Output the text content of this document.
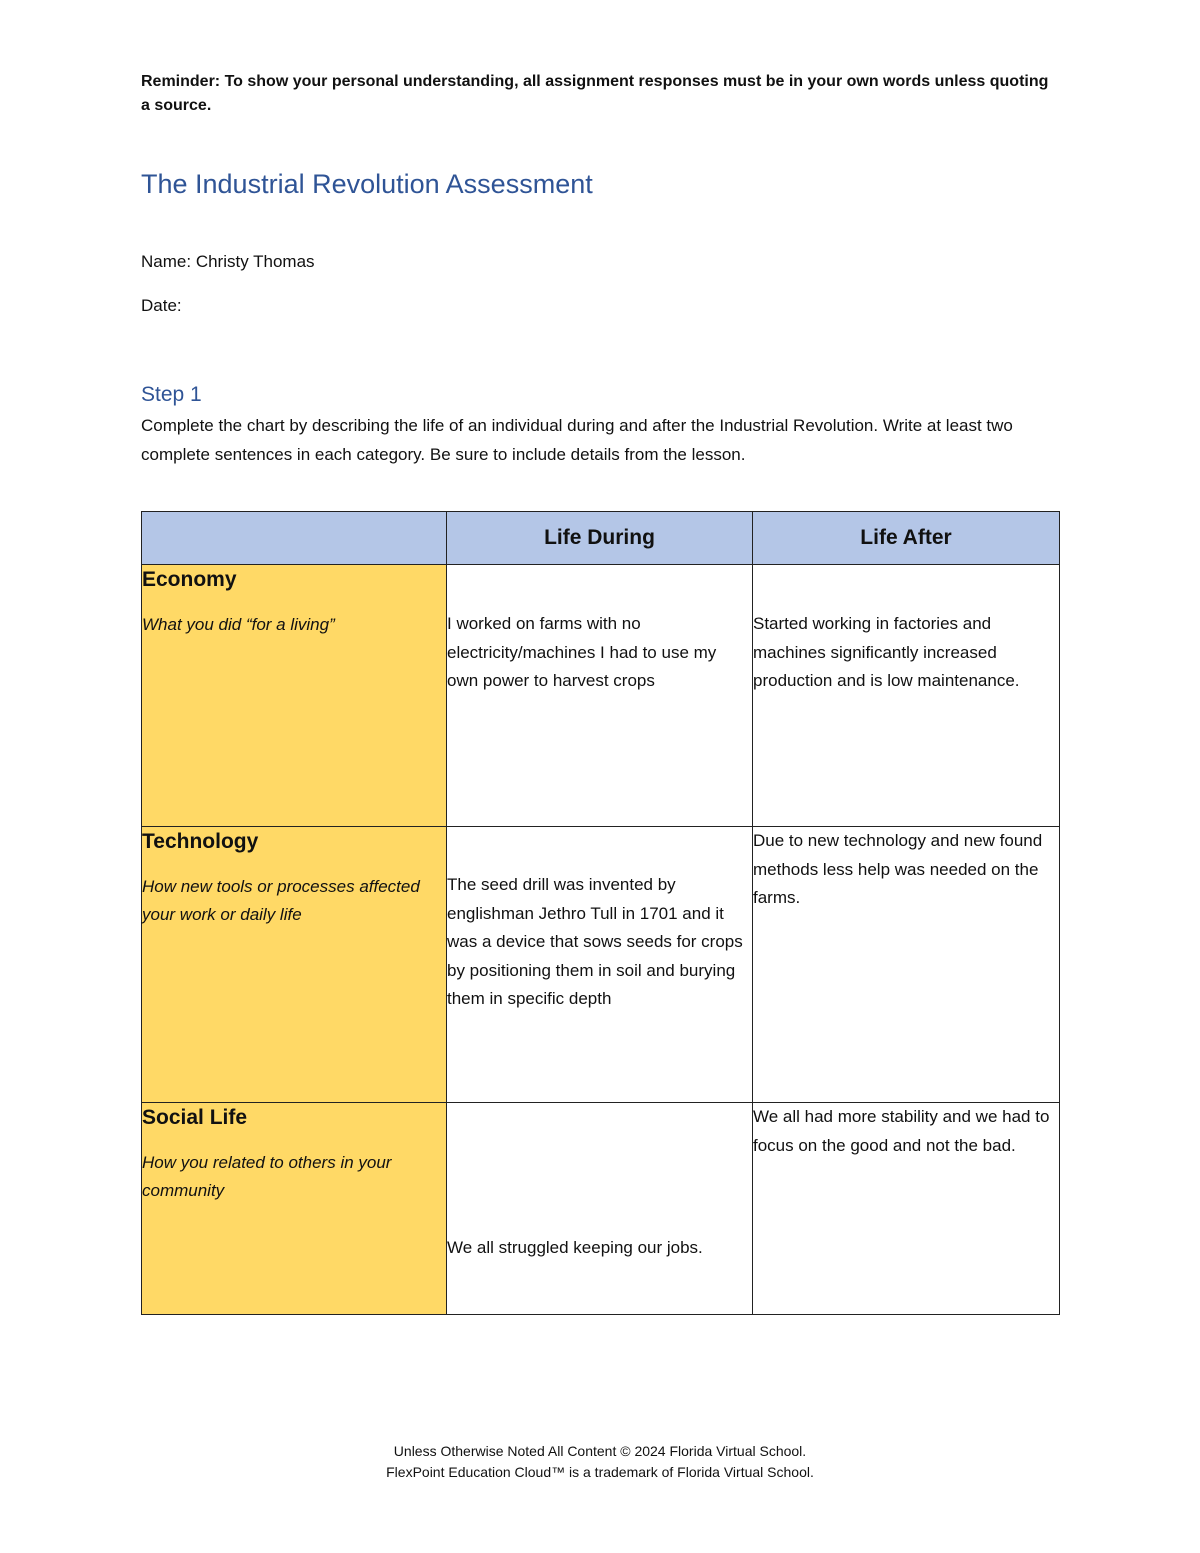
Reminder: To show your personal understanding, all assignment responses must be in your own words unless quoting a source.
The Industrial Revolution Assessment
Name: Christy Thomas
Date:
Step 1
Complete the chart by describing the life of an individual during and after the Industrial Revolution. Write at least two complete sentences in each category. Be sure to include details from the lesson.
	Life During	Life After

Economy
What you did “for a living”	I worked on farms with no electricity/machines I had to use my own power to harvest crops	Started working in factories and machines significantly increased production and is low maintenance.

Technology
How new tools or processes affected your work or daily life	The seed drill was invented by englishman Jethro Tull in 1701 and it was a device that sows seeds for crops by positioning them in soil and burying them in specific depth	Due to new technology and new found methods less help was needed on the farms.

Social Life
How you related to others in your community	We all struggled keeping our jobs.	We all had more stability and we had to focus on the good and not the bad.
Unless Otherwise Noted All Content © 2024 Florida Virtual School.
FlexPoint Education Cloud™ is a trademark of Florida Virtual School.
